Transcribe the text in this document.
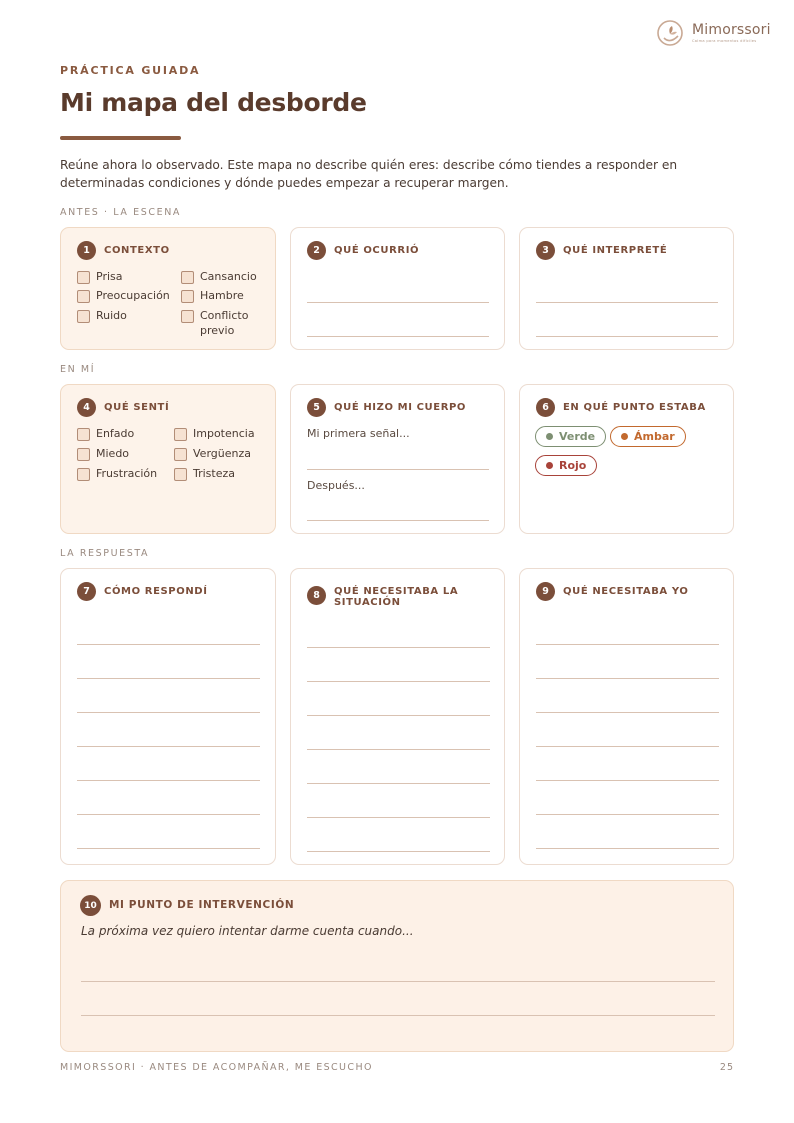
Mimorssori
Calma para momentos difíciles
PRÁCTICA GUIADA
Mi mapa del desborde

Reúne ahora lo observado. Este mapa no describe quién eres: describe cómo tiendes a responder en determinadas condiciones y dónde puedes empezar a recuperar margen.

ANTES · LA ESCENA
1	CONTEXTO
Prisa	Cansancio
Preocupación	Hambre
Ruido	Conflicto previo
2	QUÉ OCURRIÓ	3	QUÉ INTERPRETÉ
EN MÍ
4	QUÉ SENTÍ
Enfado	Impotencia
Miedo	Vergüenza
Frustración	Tristeza
5	QUÉ HIZO MI CUERPO
Mi primera señal...
Después...
6	EN QUÉ PUNTO ESTABA
Verde	Ámbar
Rojo
LA RESPUESTA
7	CÓMO RESPONDÍ	8	QUÉ NECESITABA LA SITUACIÓN
9	QUÉ NECESITABA YO
10	MI PUNTO DE INTERVENCIÓN
La próxima vez quiero intentar darme cuenta cuando...
MIMORSSORI · ANTES DE ACOMPAÑAR, ME ESCUCHO	25
